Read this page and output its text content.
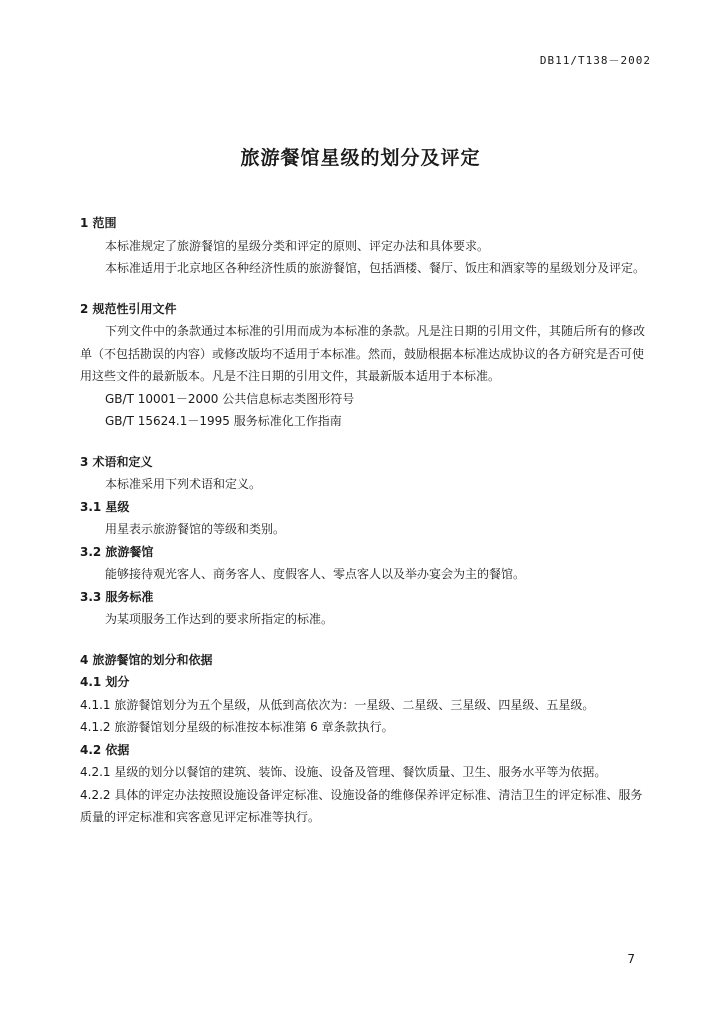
DB11/T138－2002
旅游餐馆星级的划分及评定

1 范围

本标准规定了旅游餐馆的星级分类和评定的原则、评定办法和具体要求。

本标准适用于北京地区各种经济性质的旅游餐馆，包括酒楼、餐厅、饭庄和酒家等的星级划分及评定。

2 规范性引用文件

下列文件中的条款通过本标准的引用而成为本标准的条款。凡是注日期的引用文件，其随后所有的修改单（不包括勘误的内容）或修改版均不适用于本标准。然而，鼓励根据本标准达成协议的各方研究是否可使用这些文件的最新版本。凡是不注日期的引用文件，其最新版本适用于本标准。

GB/T 10001－2000 公共信息标志类图形符号

GB/T 15624.1－1995 服务标准化工作指南

3 术语和定义

本标准采用下列术语和定义。

3.1 星级

用星表示旅游餐馆的等级和类别。

3.2 旅游餐馆

能够接待观光客人、商务客人、度假客人、零点客人以及举办宴会为主的餐馆。

3.3 服务标准

为某项服务工作达到的要求所指定的标准。

4 旅游餐馆的划分和依据

4.1 划分

4.1.1 旅游餐馆划分为五个星级，从低到高依次为：一星级、二星级、三星级、四星级、五星级。

4.1.2 旅游餐馆划分星级的标准按本标准第 6 章条款执行。

4.2 依据

4.2.1 星级的划分以餐馆的建筑、装饰、设施、设备及管理、餐饮质量、卫生、服务水平等为依据。

4.2.2 具体的评定办法按照设施设备评定标准、设施设备的维修保养评定标准、清洁卫生的评定标准、服务质量的评定标准和宾客意见评定标准等执行。

7
